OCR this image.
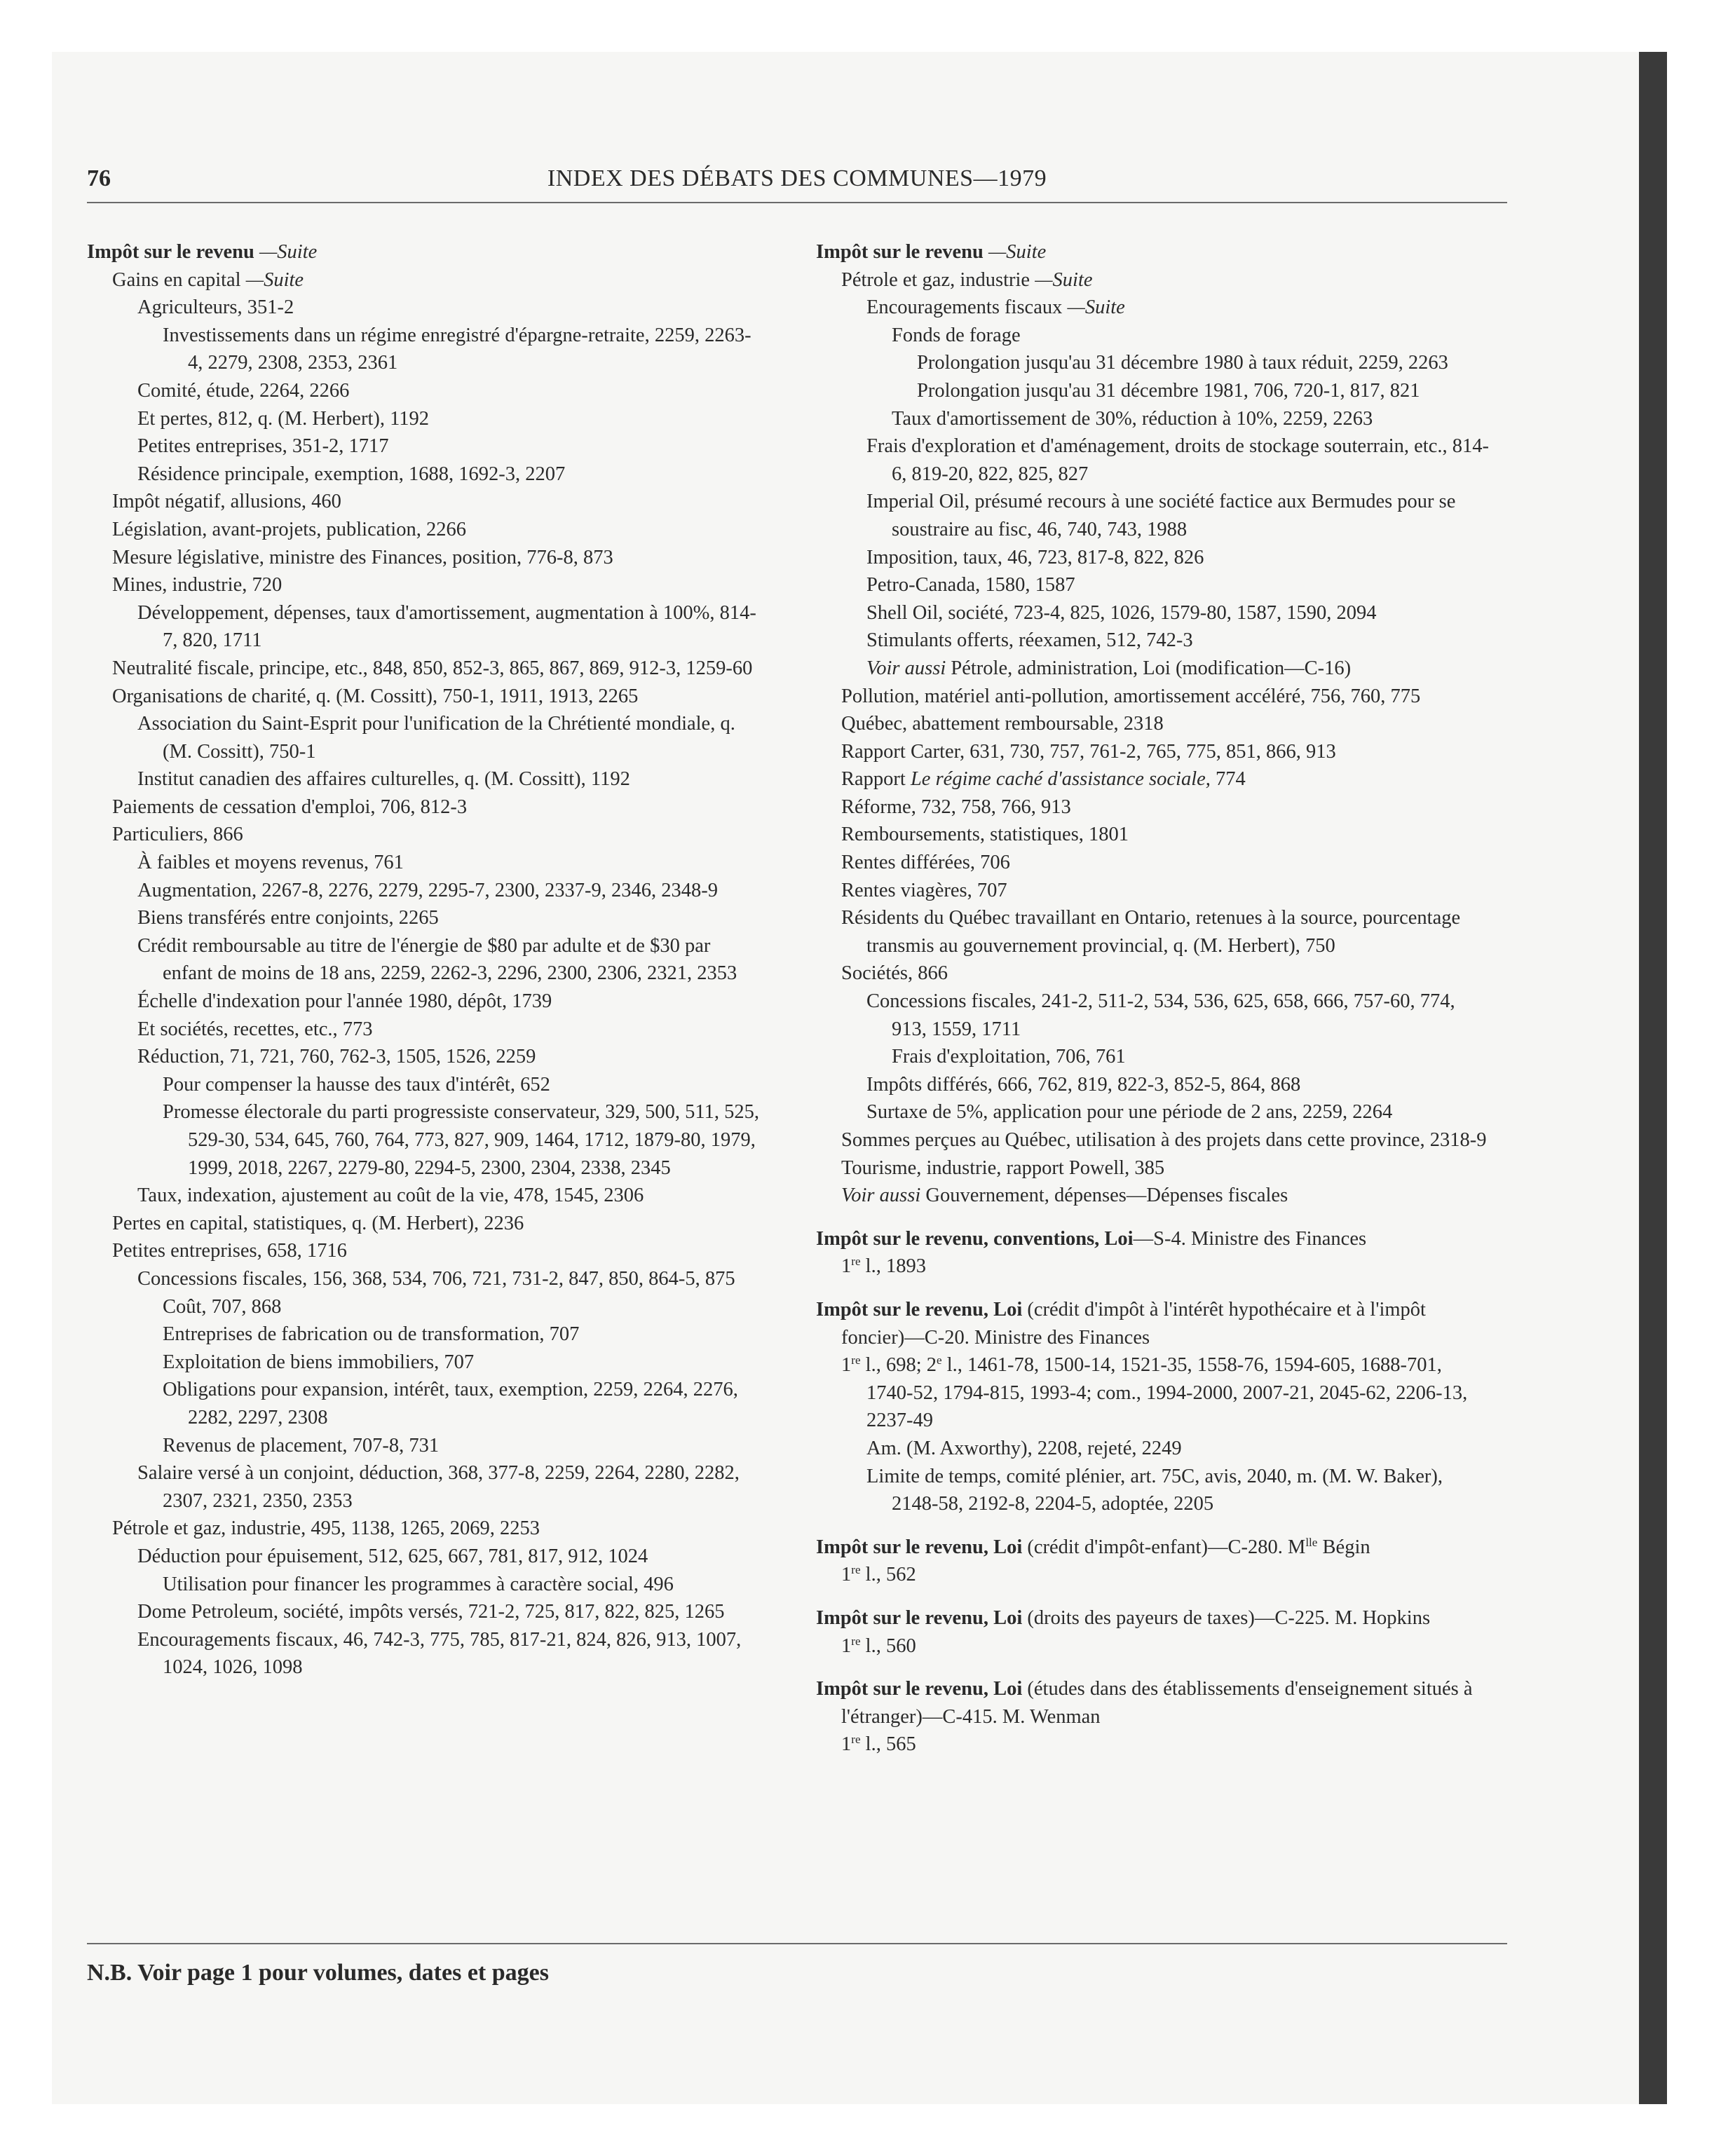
76	INDEX DES DÉBATS DES COMMUNES—1979
Impôt sur le revenu —Suite
Gains en capital —Suite
Agriculteurs, 351-2
Investissements dans un régime enregistré d'épargne-retraite, 2259, 2263-4, 2279, 2308, 2353, 2361
Comité, étude, 2264, 2266
Et pertes, 812, q. (M. Herbert), 1192
Petites entreprises, 351-2, 1717
Résidence principale, exemption, 1688, 1692-3, 2207
Impôt négatif, allusions, 460
Législation, avant-projets, publication, 2266
Mesure législative, ministre des Finances, position, 776-8, 873
Mines, industrie, 720
Développement, dépenses, taux d'amortissement, augmentation à 100%, 814-7, 820, 1711
Neutralité fiscale, principe, etc., 848, 850, 852-3, 865, 867, 869, 912-3, 1259-60
Organisations de charité, q. (M. Cossitt), 750-1, 1911, 1913, 2265
Association du Saint-Esprit pour l'unification de la Chrétienté mondiale, q. (M. Cossitt), 750-1
Institut canadien des affaires culturelles, q. (M. Cossitt), 1192
Paiements de cessation d'emploi, 706, 812-3
Particuliers, 866
À faibles et moyens revenus, 761
Augmentation, 2267-8, 2276, 2279, 2295-7, 2300, 2337-9, 2346, 2348-9
Biens transférés entre conjoints, 2265
Crédit remboursable au titre de l'énergie de $80 par adulte et de $30 par enfant de moins de 18 ans, 2259, 2262-3, 2296, 2300, 2306, 2321, 2353
Échelle d'indexation pour l'année 1980, dépôt, 1739
Et sociétés, recettes, etc., 773
Réduction, 71, 721, 760, 762-3, 1505, 1526, 2259
Pour compenser la hausse des taux d'intérêt, 652
Promesse électorale du parti progressiste conservateur, 329, 500, 511, 525, 529-30, 534, 645, 760, 764, 773, 827, 909, 1464, 1712, 1879-80, 1979, 1999, 2018, 2267, 2279-80, 2294-5, 2300, 2304, 2338, 2345
Taux, indexation, ajustement au coût de la vie, 478, 1545, 2306
Pertes en capital, statistiques, q. (M. Herbert), 2236
Petites entreprises, 658, 1716
Concessions fiscales, 156, 368, 534, 706, 721, 731-2, 847, 850, 864-5, 875
Coût, 707, 868
Entreprises de fabrication ou de transformation, 707
Exploitation de biens immobiliers, 707
Obligations pour expansion, intérêt, taux, exemption, 2259, 2264, 2276, 2282, 2297, 2308
Revenus de placement, 707-8, 731
Salaire versé à un conjoint, déduction, 368, 377-8, 2259, 2264, 2280, 2282, 2307, 2321, 2350, 2353
Pétrole et gaz, industrie, 495, 1138, 1265, 2069, 2253
Déduction pour épuisement, 512, 625, 667, 781, 817, 912, 1024
Utilisation pour financer les programmes à caractère social, 496
Dome Petroleum, société, impôts versés, 721-2, 725, 817, 822, 825, 1265
Encouragements fiscaux, 46, 742-3, 775, 785, 817-21, 824, 826, 913, 1007, 1024, 1026, 1098
Impôt sur le revenu —Suite
Pétrole et gaz, industrie —Suite
Encouragements fiscaux —Suite
Fonds de forage
Prolongation jusqu'au 31 décembre 1980 à taux réduit, 2259, 2263
Prolongation jusqu'au 31 décembre 1981, 706, 720-1, 817, 821
Taux d'amortissement de 30%, réduction à 10%, 2259, 2263
Frais d'exploration et d'aménagement, droits de stockage souterrain, etc., 814-6, 819-20, 822, 825, 827
Imperial Oil, présumé recours à une société factice aux Bermudes pour se soustraire au fisc, 46, 740, 743, 1988
Imposition, taux, 46, 723, 817-8, 822, 826
Petro-Canada, 1580, 1587
Shell Oil, société, 723-4, 825, 1026, 1579-80, 1587, 1590, 2094
Stimulants offerts, réexamen, 512, 742-3
Voir aussi Pétrole, administration, Loi (modification—C-16)
Pollution, matériel anti-pollution, amortissement accéléré, 756, 760, 775
Québec, abattement remboursable, 2318
Rapport Carter, 631, 730, 757, 761-2, 765, 775, 851, 866, 913
Rapport Le régime caché d'assistance sociale, 774
Réforme, 732, 758, 766, 913
Remboursements, statistiques, 1801
Rentes différées, 706
Rentes viagères, 707
Résidents du Québec travaillant en Ontario, retenues à la source, pourcentage transmis au gouvernement provincial, q. (M. Herbert), 750
Sociétés, 866
Concessions fiscales, 241-2, 511-2, 534, 536, 625, 658, 666, 757-60, 774, 913, 1559, 1711
Frais d'exploitation, 706, 761
Impôts différés, 666, 762, 819, 822-3, 852-5, 864, 868
Surtaxe de 5%, application pour une période de 2 ans, 2259, 2264
Sommes perçues au Québec, utilisation à des projets dans cette province, 2318-9
Tourisme, industrie, rapport Powell, 385
Voir aussi Gouvernement, dépenses—Dépenses fiscales
Impôt sur le revenu, conventions, Loi—S-4. Ministre des Finances
1re l., 1893
Impôt sur le revenu, Loi (crédit d'impôt à l'intérêt hypothécaire et à l'impôt foncier)—C-20. Ministre des Finances
1re l., 698; 2e l., 1461-78, 1500-14, 1521-35, 1558-76, 1594-605, 1688-701, 1740-52, 1794-815, 1993-4; com., 1994-2000, 2007-21, 2045-62, 2206-13, 2237-49
Am. (M. Axworthy), 2208, rejeté, 2249
Limite de temps, comité plénier, art. 75C, avis, 2040, m. (M. W. Baker), 2148-58, 2192-8, 2204-5, adoptée, 2205
Impôt sur le revenu, Loi (crédit d'impôt-enfant)—C-280. $M^{lle}$ Bégin
1re l., 562
Impôt sur le revenu, Loi (droits des payeurs de taxes)—C-225. M. Hopkins
1re l., 560
Impôt sur le revenu, Loi (études dans des établissements d'enseignement situés à l'étranger)—C-415. M. Wenman
1re l., 565
N.B. Voir page 1 pour volumes, dates et pages
